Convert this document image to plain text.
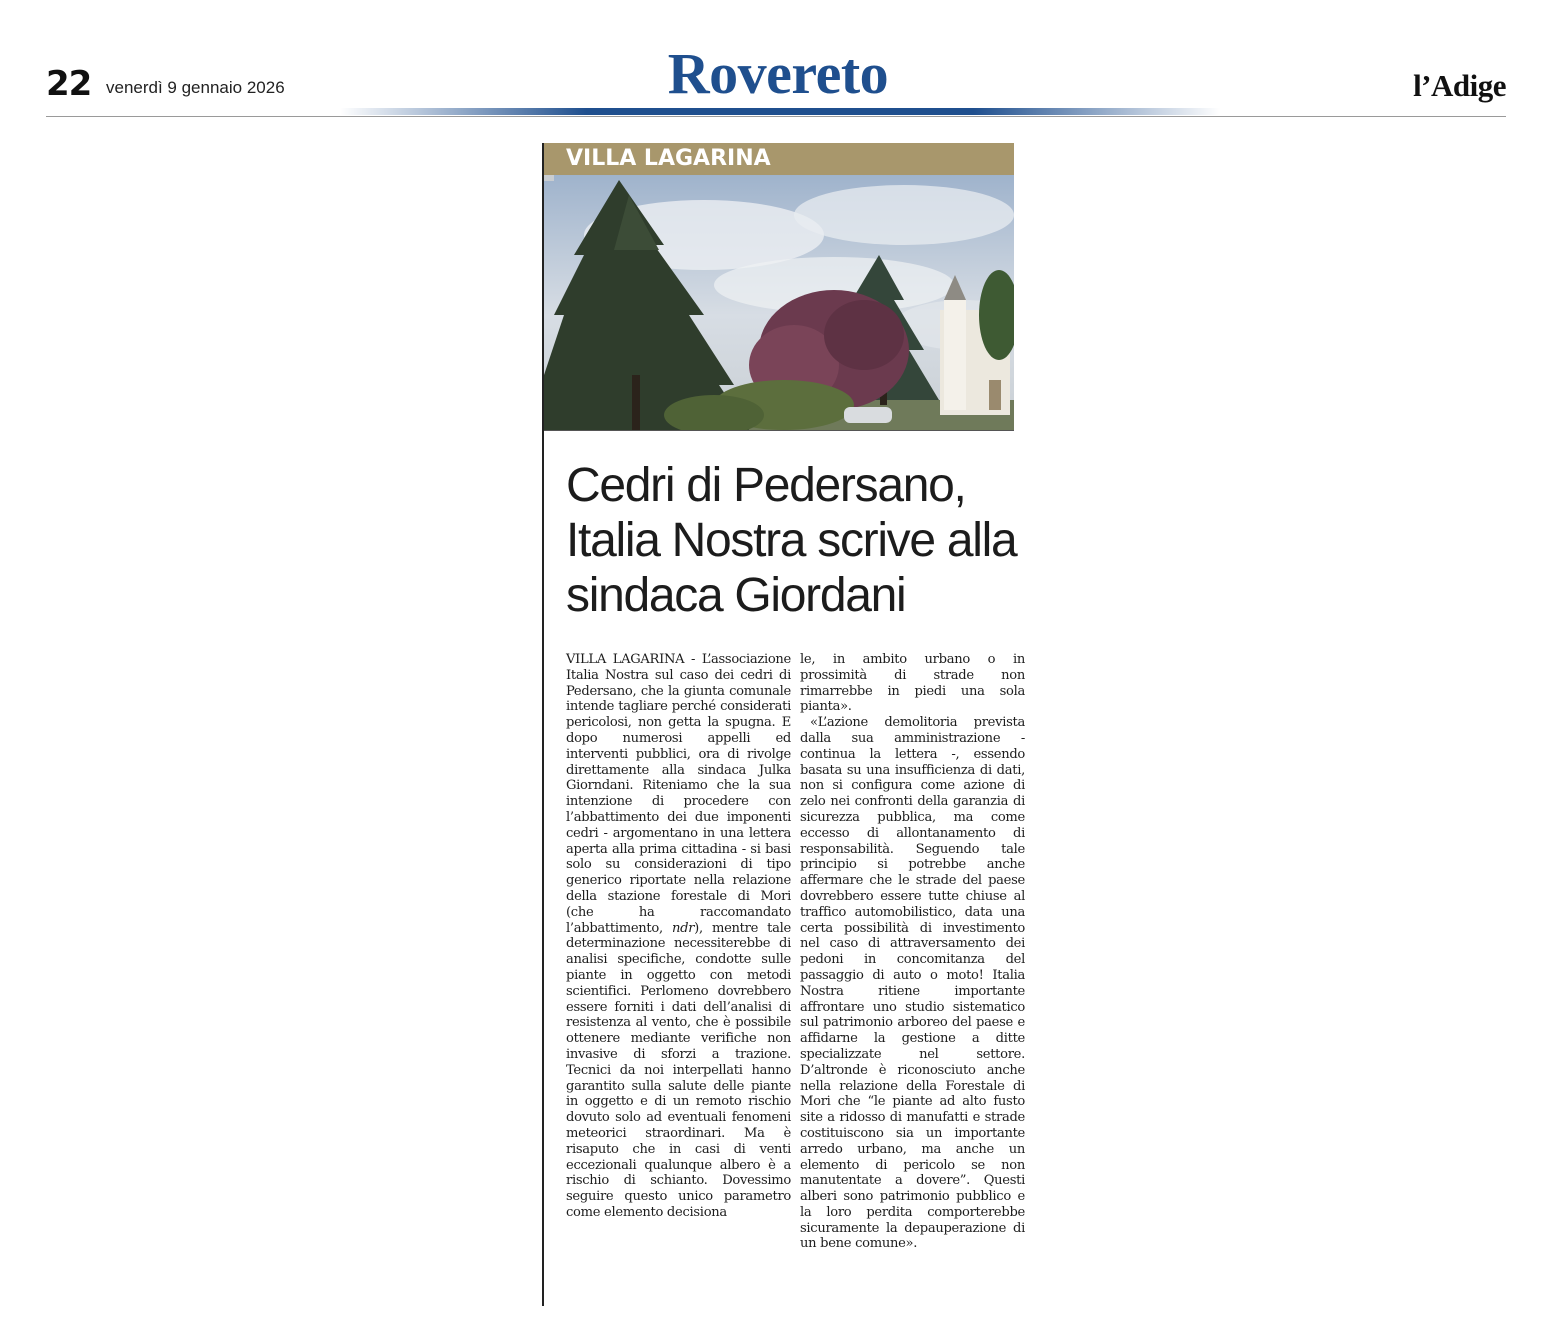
22 venerdì 9 gennaio 2026	Rovereto	l’Adige
VILLA LAGARINA
Cedri di Pedersano, Italia Nostra scrive alla sindaca Giordani

VILLA LAGARINA - L’associazione Italia Nostra sul caso dei cedri di Pedersano, che la giunta comunale intende tagliare perché considerati pericolosi, non getta la spugna. E dopo numerosi appelli ed interventi pubblici, ora di rivolge direttamente alla sindaca Julka Giorndani. Riteniamo che la sua intenzione di procedere con l’abbattimento dei due imponenti cedri - argomentano in una lettera aperta alla prima cittadina - si basi solo su considerazioni di tipo generico riportate nella relazione della stazione forestale di Mori (che ha raccomandato l’abbattimento, ndr), mentre tale determinazione necessiterebbe di analisi specifiche, condotte sulle piante in oggetto con metodi scientifici. Perlomeno dovrebbero essere forniti i dati dell’analisi di resistenza al vento, che è possibile ottenere mediante verifiche non invasive di sforzi a trazione. Tecnici da noi interpellati hanno garantito sulla salute delle piante in oggetto e di un remoto rischio dovuto solo ad eventuali fenomeni meteorici straordinari. Ma è risaputo che in casi di venti eccezionali qualunque albero è a rischio di schianto. Dovessimo seguire questo unico parametro come elemento decisiona

le, in ambito urbano o in prossimità di strade non rimarrebbe in piedi una sola pianta».

«L’azione demolitoria prevista dalla sua amministrazione - continua la lettera -, essendo basata su una insufficienza di dati, non si configura come azione di zelo nei confronti della garanzia di sicurezza pubblica, ma come eccesso di allontanamento di responsabilità. Seguendo tale principio si potrebbe anche affermare che le strade del paese dovrebbero essere tutte chiuse al traffico automobilistico, data una certa possibilità di investimento nel caso di attraversamento dei pedoni in concomitanza del passaggio di auto o moto! Italia Nostra ritiene importante affrontare uno studio sistematico sul patrimonio arboreo del paese e affidarne la gestione a ditte specializzate nel settore. D’altronde è riconosciuto anche nella relazione della Forestale di Mori che “le piante ad alto fusto site a ridosso di manufatti e strade costituiscono sia un importante arredo urbano, ma anche un elemento di pericolo se non manutentate a dovere”. Questi alberi sono patrimonio pubblico e la loro perdita comporterebbe sicuramente la depauperazione di un bene comune».
